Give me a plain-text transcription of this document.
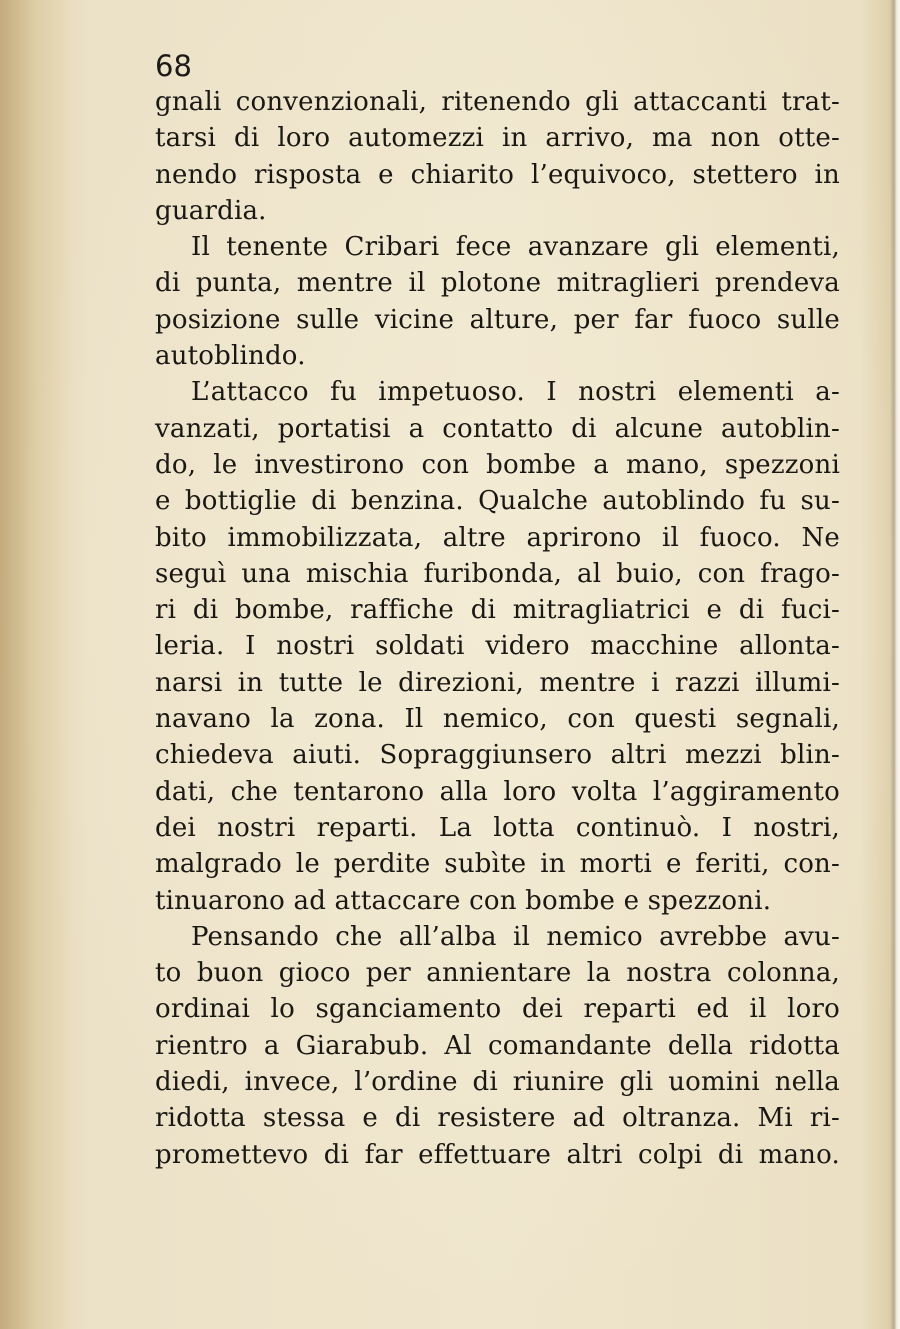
68
gnali convenzionali, ritenendo gli attaccanti trat-
tarsi di loro automezzi in arrivo, ma non otte-
nendo risposta e chiarito l’equivoco, stettero in
guardia.
Il tenente Cribari fece avanzare gli elementi,
di punta, mentre il plotone mitraglieri prendeva
posizione sulle vicine alture, per far fuoco sulle
autoblindo.
L’attacco fu impetuoso. I nostri elementi a-
vanzati, portatisi a contatto di alcune autoblin-
do, le investirono con bombe a mano, spezzoni
e bottiglie di benzina. Qualche autoblindo fu su-
bito immobilizzata, altre aprirono il fuoco. Ne
seguì una mischia furibonda, al buio, con frago-
ri di bombe, raffiche di mitragliatrici e di fuci-
leria. I nostri soldati videro macchine allonta-
narsi in tutte le direzioni, mentre i razzi illumi-
navano la zona. Il nemico, con questi segnali,
chiedeva aiuti. Sopraggiunsero altri mezzi blin-
dati, che tentarono alla loro volta l’aggiramento
dei nostri reparti. La lotta continuò. I nostri,
malgrado le perdite subìte in morti e feriti, con-
tinuarono ad attaccare con bombe e spezzoni.
Pensando che all’alba il nemico avrebbe avu-
to buon gioco per annientare la nostra colonna,
ordinai lo sganciamento dei reparti ed il loro
rientro a Giarabub. Al comandante della ridotta
diedi, invece, l’ordine di riunire gli uomini nella
ridotta stessa e di resistere ad oltranza. Mi ri-
promettevo di far effettuare altri colpi di mano.
